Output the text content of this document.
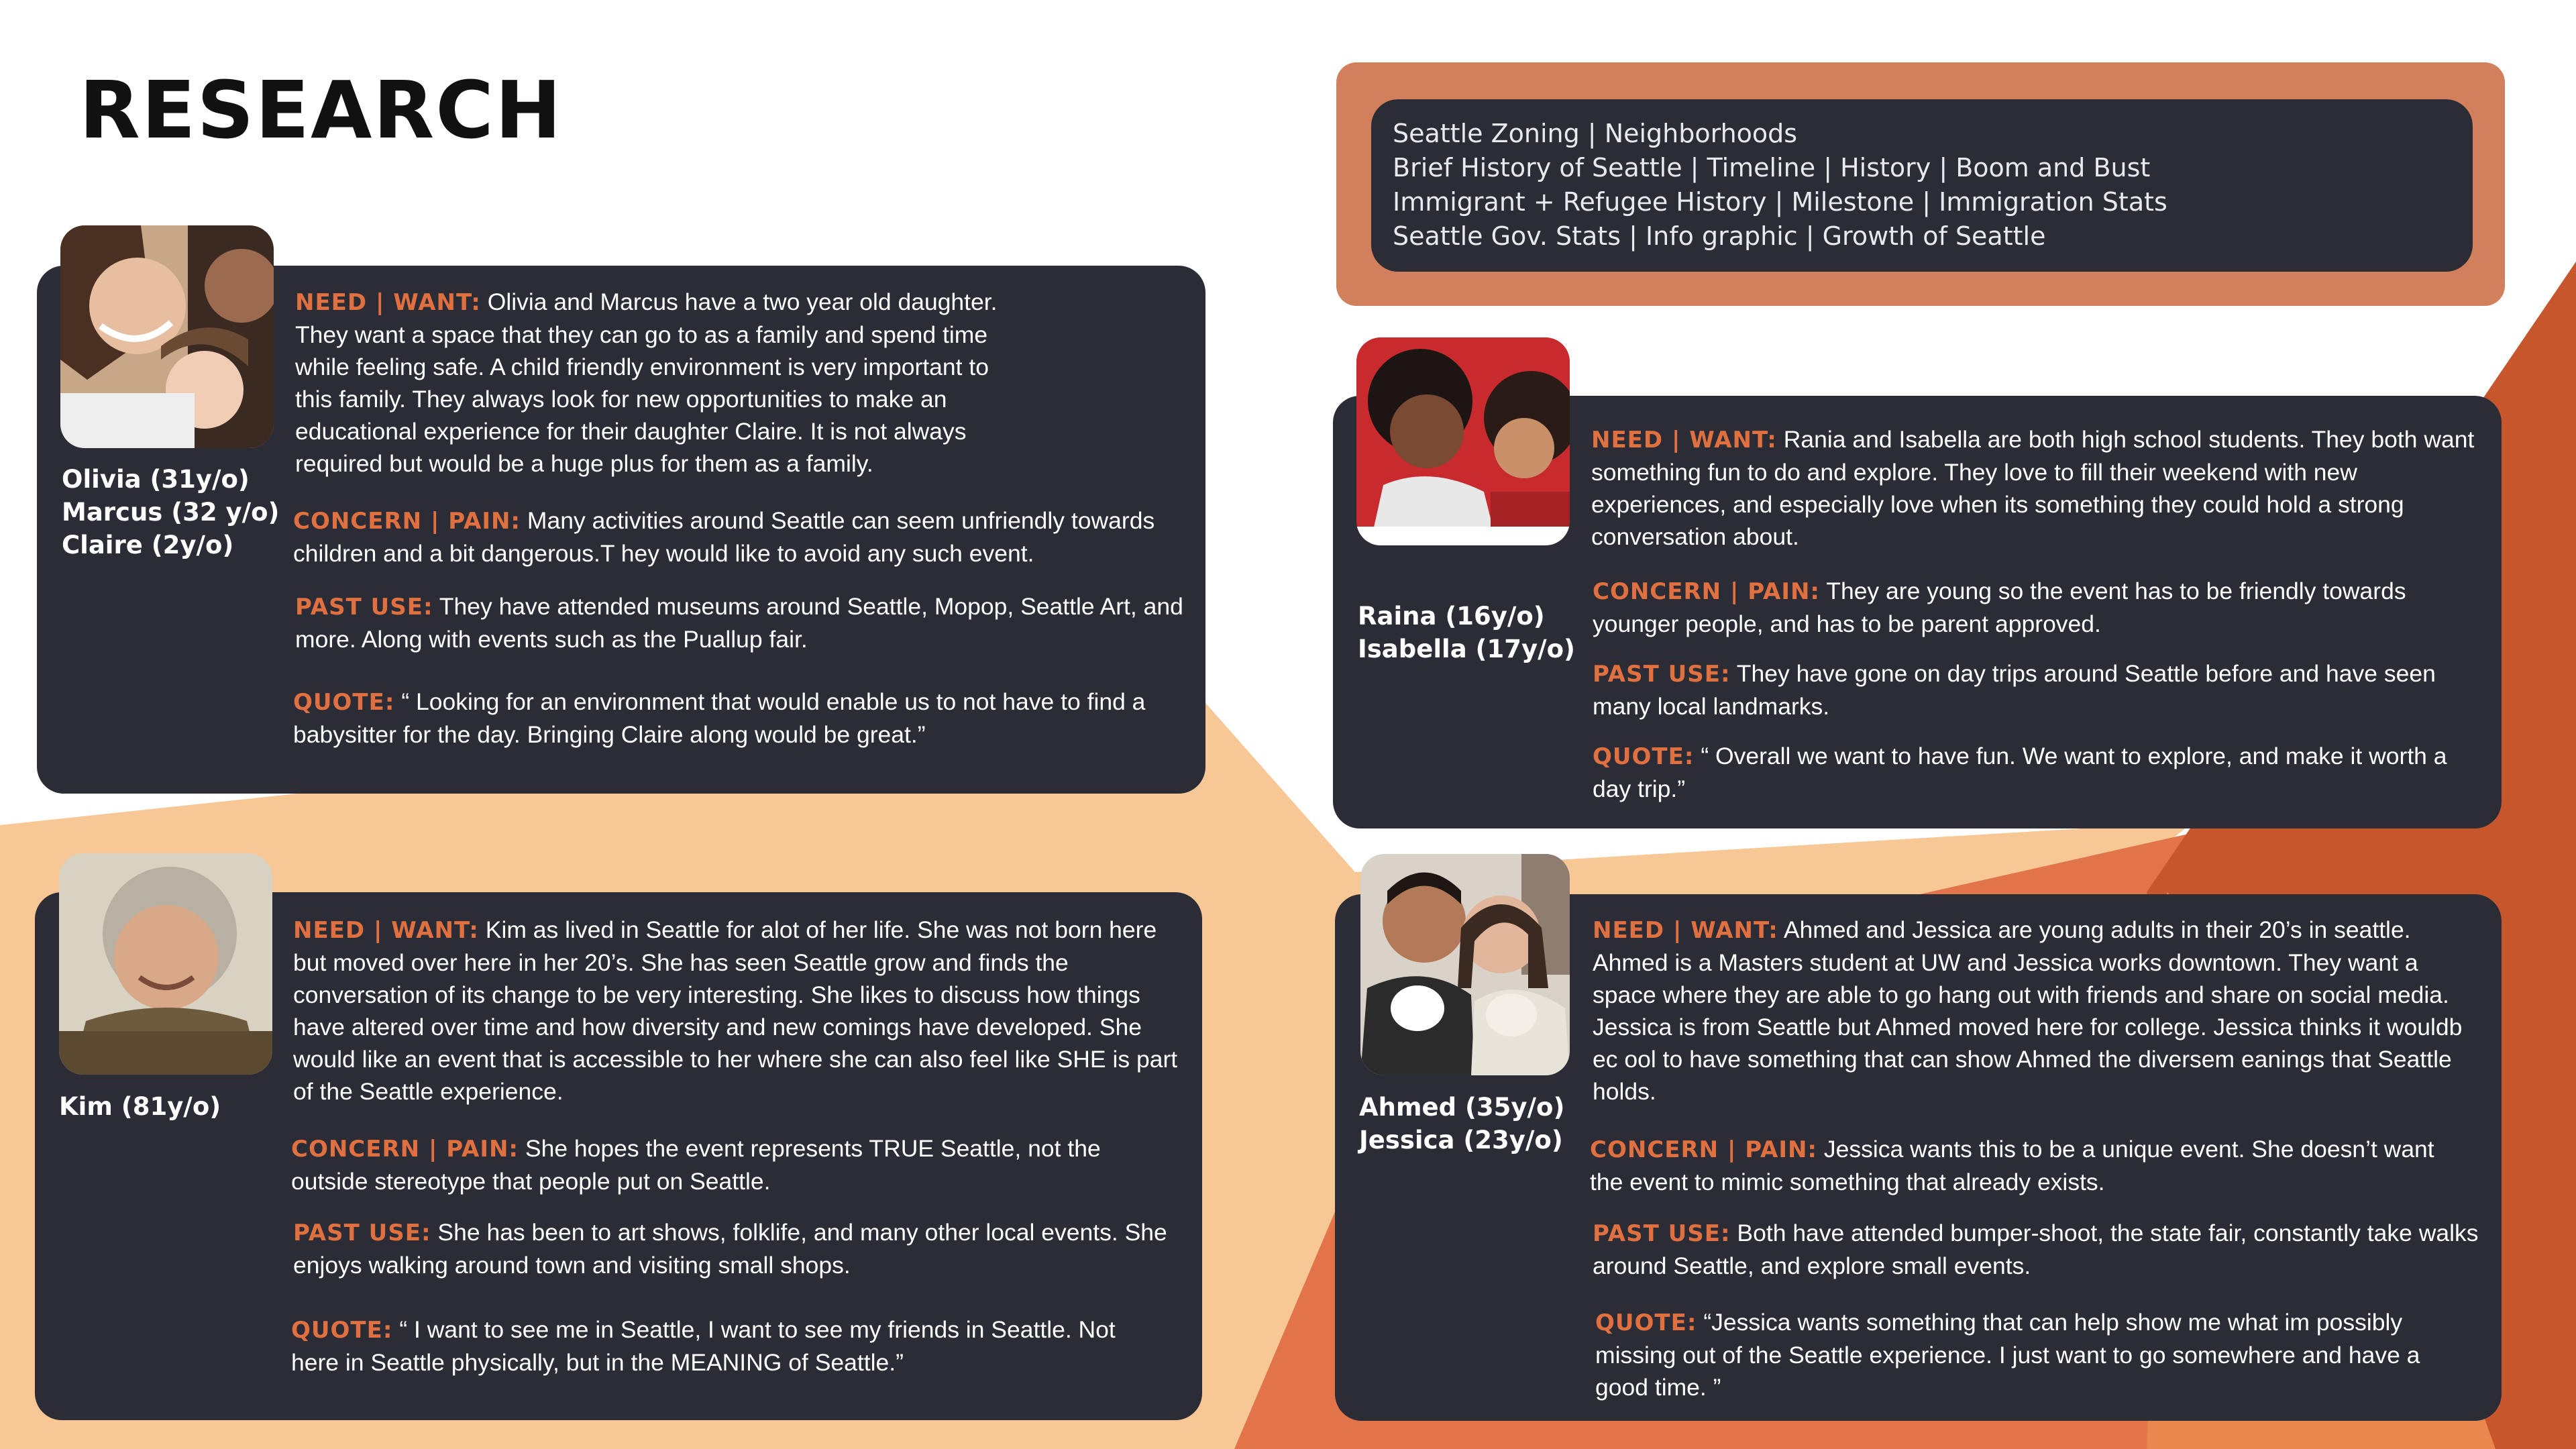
RESEARCH	Seattle Zoning | Neighborhoods
Brief History of Seattle | Timeline | History | Boom and Bust
Immigrant + Refugee History | Milestone | Immigration Stats
Seattle Gov. Stats | Info graphic | Growth of Seattle
Olivia (31y/o)
Marcus (32 y/o)
Claire (2y/o)
NEED | WANT: Olivia and Marcus have a two year old daughter. They want a space that they can go to as a family and spend time while feeling safe. A child friendly environment is very important to this family. They always look for new opportunities to make an educational experience for their daughter Claire. It is not always required but would be a huge plus for them as a family.
CONCERN | PAIN: Many activities around Seattle can seem unfriendly towards children and a bit dangerous.T hey would like to avoid any such event.
PAST USE: They have attended museums around Seattle, Mopop, Seattle Art, and more. Along with events such as the Puallup fair.
QUOTE: “ Looking for an environment that would enable us to not have to find a babysitter for the day. Bringing Claire along would be great.”
Raina (16y/o)
Isabella (17y/o)
NEED | WANT: Rania and Isabella are both high school students. They both want something fun to do and explore. They love to fill their weekend with new experiences, and especially love when its something they could hold a strong conversation about.
CONCERN | PAIN: They are young so the event has to be friendly towards younger people, and has to be parent approved.
PAST USE: They have gone on day trips around Seattle before and have seen many local landmarks.
QUOTE: “ Overall we want to have fun. We want to explore, and make it worth a day trip.”
Kim (81y/o)
NEED | WANT: Kim as lived in Seattle for alot of her life. She was not born here but moved over here in her 20’s. She has seen Seattle grow and finds the conversation of its change to be very interesting. She likes to discuss how things have altered over time and how diversity and new comings have developed. She would like an event that is accessible to her where she can also feel like SHE is part of the Seattle experience.
CONCERN | PAIN: She hopes the event represents TRUE Seattle, not the outside stereotype that people put on Seattle.
PAST USE: She has been to art shows, folklife, and many other local events. She enjoys walking around town and visiting small shops.
QUOTE: “ I want to see me in Seattle, I want to see my friends in Seattle. Not here in Seattle physically, but in the MEANING of Seattle.”
Ahmed (35y/o)
Jessica (23y/o)
NEED | WANT: Ahmed and Jessica are young adults in their 20’s in seattle. Ahmed is a Masters student at UW and Jessica works downtown. They want a space where they are able to go hang out with friends and share on social media. Jessica is from Seattle but Ahmed moved here for college. Jessica thinks it wouldb ec ool to have something that can show Ahmed the diversem eanings that Seattle holds.
CONCERN | PAIN: Jessica wants this to be a unique event. She doesn’t want the event to mimic something that already exists.
PAST USE: Both have attended bumper-shoot, the state fair, constantly take walks around Seattle, and explore small events.
QUOTE: “Jessica wants something that can help show me what im possibly missing out of the Seattle experience. I just want to go somewhere and have a good time. ”
